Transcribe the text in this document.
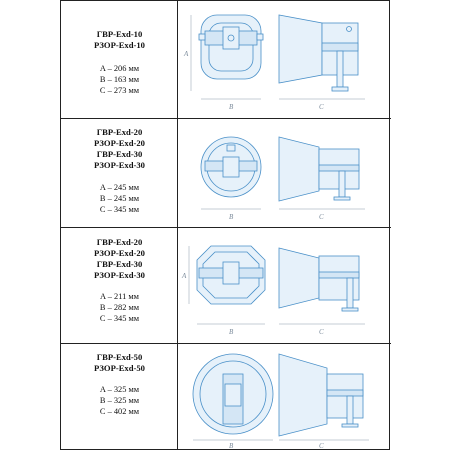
ГВР-Exd-10
РЗОР-Exd-10
A – 206 мм
B – 163 мм
C – 273 мм
A
B	C
ГВР-Exd-20
РЗОР-Exd-20
ГВР-Exd-30
РЗОР-Exd-30
A – 245 мм
B – 245 мм
C – 345 мм
B	C
ГВР-Exd-20
РЗОР-Exd-20
ГВР-Exd-30
РЗОР-Exd-30
A – 211 мм
B – 282 мм
C – 345 мм
A
B	C
ГВР-Exd-50
РЗОР-Exd-50
A – 325 мм
B – 325 мм
C – 402 мм
B	C
